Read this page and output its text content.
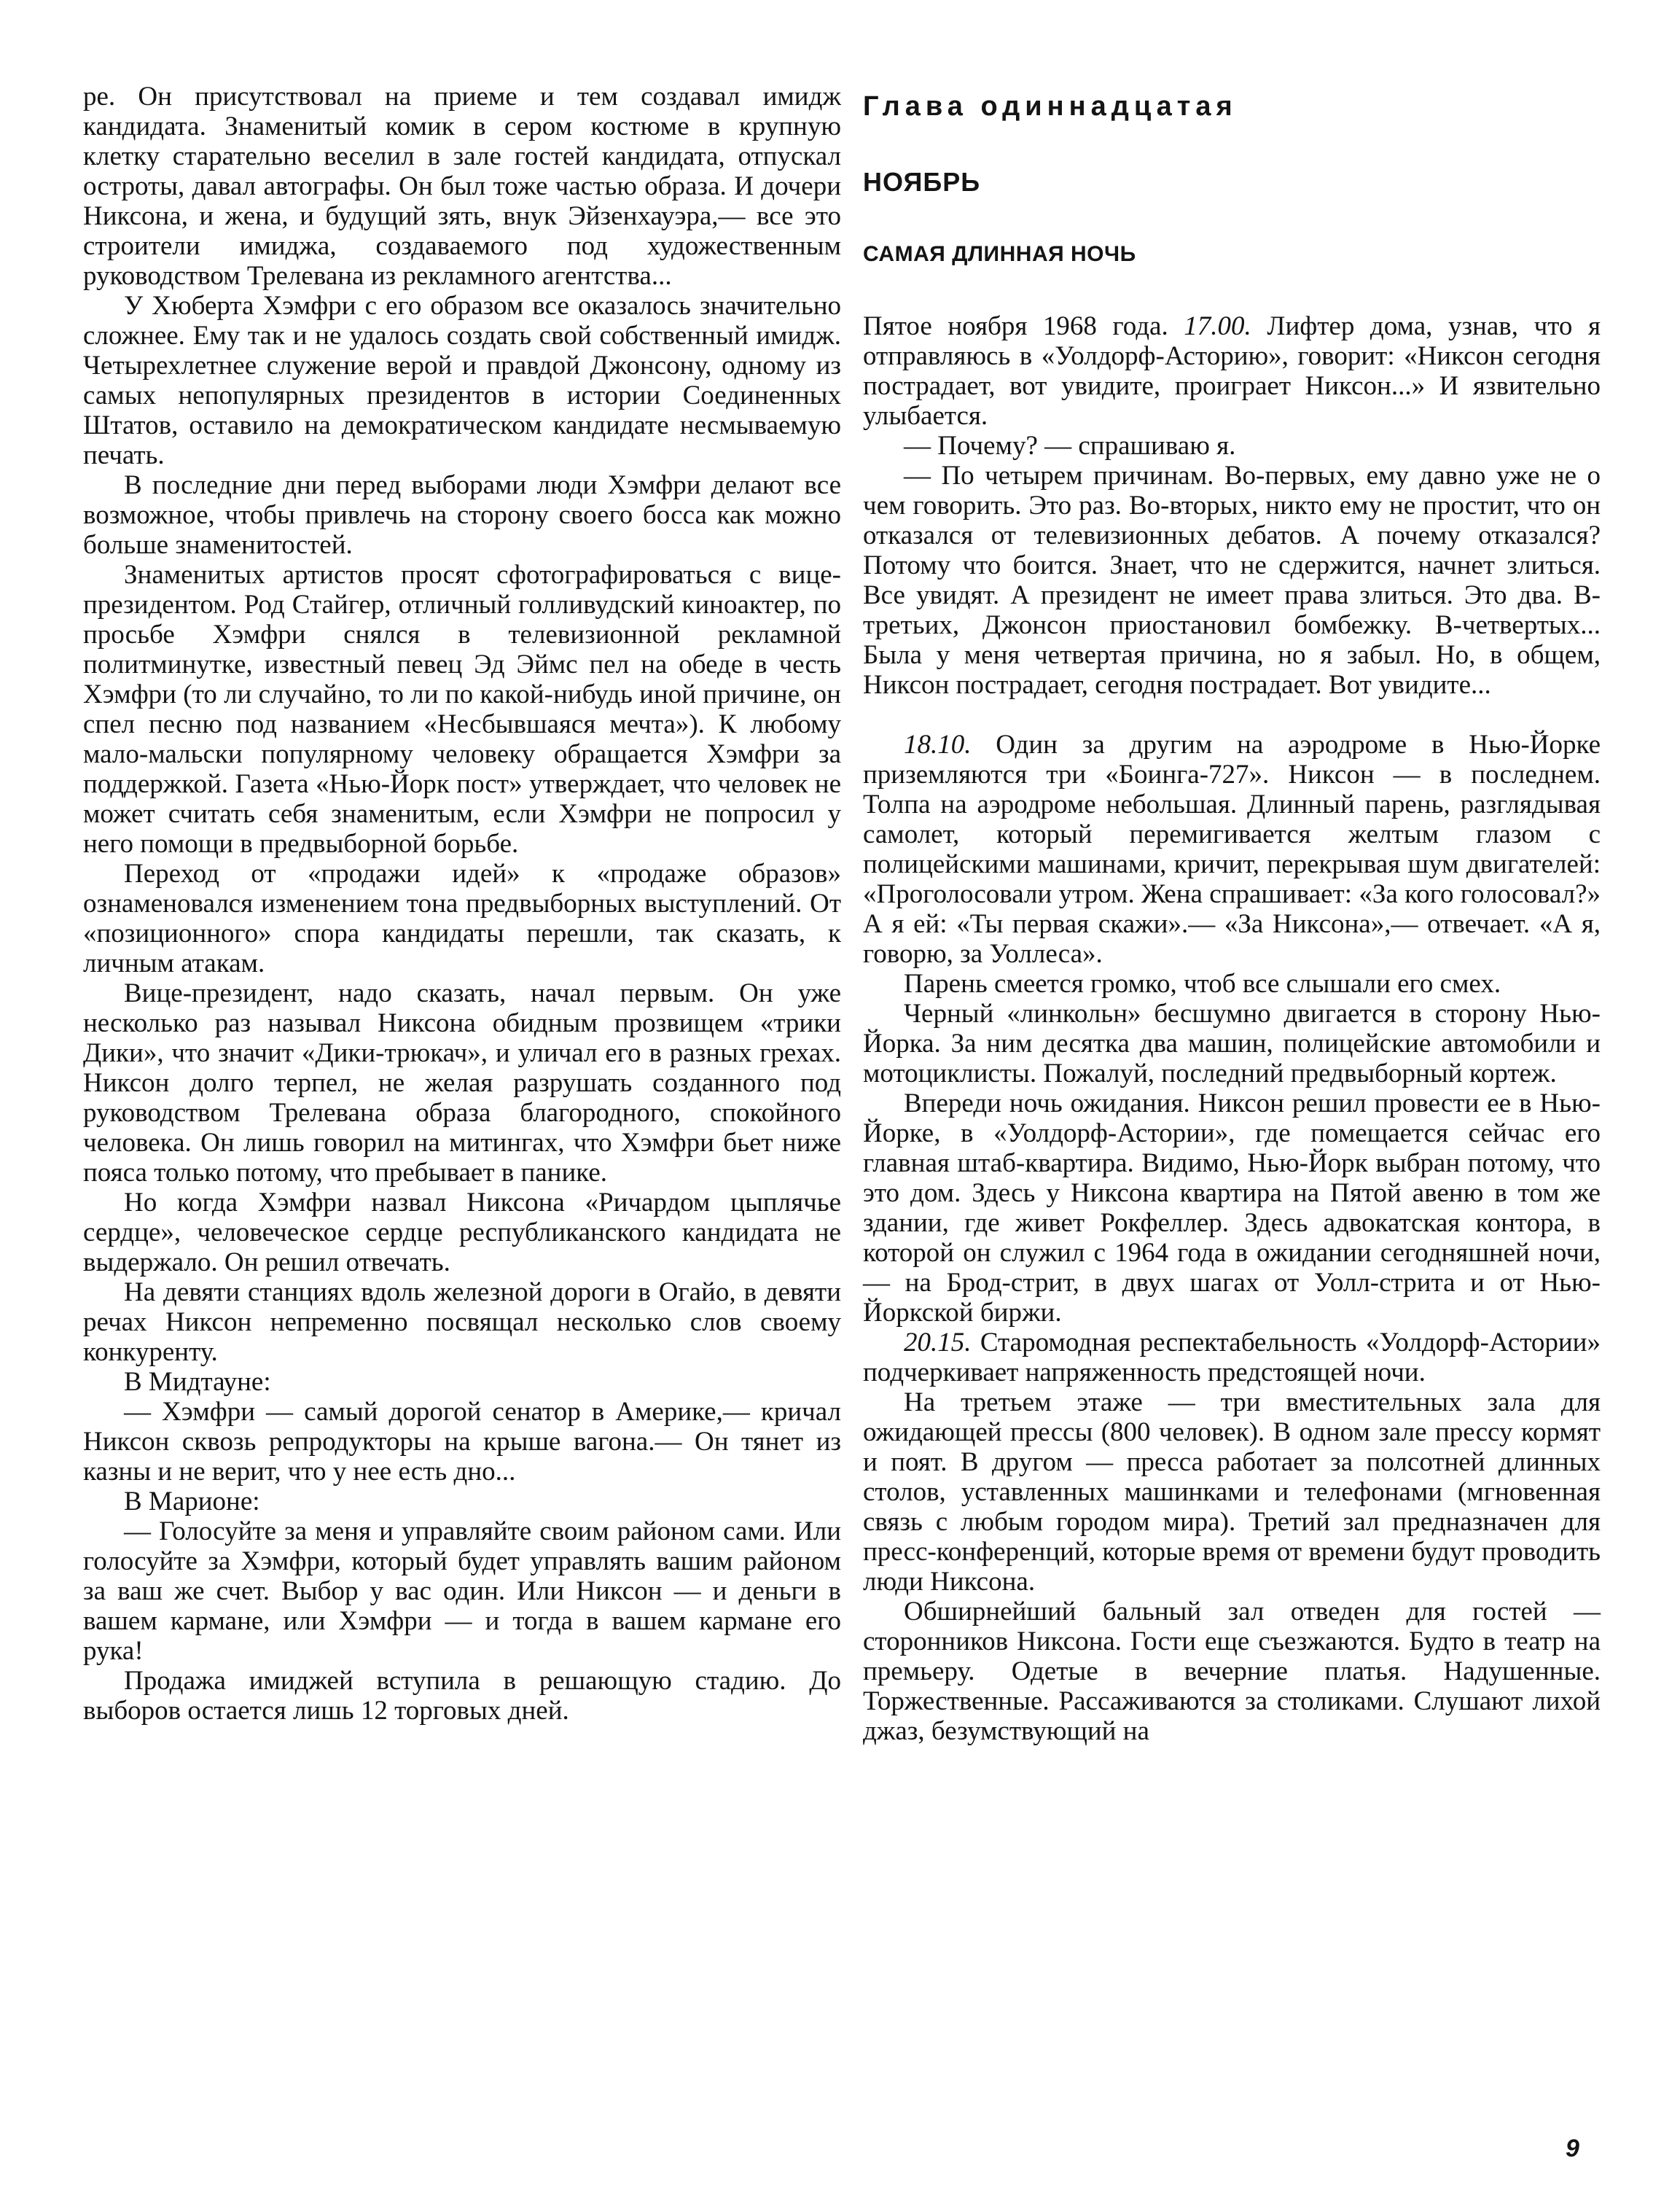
ре. Он присутствовал на приеме и тем создавал имидж кандидата. Знаменитый комик в сером костюме в крупную клетку старательно веселил в зале гостей кандидата, отпускал остроты, давал автографы. Он был тоже частью образа. И дочери Никсона, и жена, и будущий зять, внук Эйзенхауэра,— все это строители имиджа, создаваемого под художественным руководством Трелевана из рекламного агентства...

У Хюберта Хэмфри с его образом все оказалось значительно сложнее. Ему так и не удалось создать свой собственный имидж. Четырехлетнее служение верой и правдой Джонсону, одному из самых непопулярных президентов в истории Соединенных Штатов, оставило на демократическом кандидате несмываемую печать.

В последние дни перед выборами люди Хэмфри делают все возможное, чтобы привлечь на сторону своего босса как можно больше знаменитостей.

Знаменитых артистов просят сфотографироваться с вице-президентом. Род Стайгер, отличный голливудский киноактер, по просьбе Хэмфри снялся в телевизионной рекламной политминутке, известный певец Эд Эймс пел на обеде в честь Хэмфри (то ли случайно, то ли по какой-нибудь иной причине, он спел песню под названием «Несбывшаяся мечта»). К любому мало-мальски популярному человеку обращается Хэмфри за поддержкой. Газета «Нью-Йорк пост» утверждает, что человек не может считать себя знаменитым, если Хэмфри не попросил у него помощи в предвыборной борьбе.

Переход от «продажи идей» к «продаже образов» ознаменовался изменением тона предвыборных выступлений. От «позиционного» спора кандидаты перешли, так сказать, к личным атакам.

Вице-президент, надо сказать, начал первым. Он уже несколько раз называл Никсона обидным прозвищем «трики Дики», что значит «Дики-трюкач», и уличал его в разных грехах. Никсон долго терпел, не желая разрушать созданного под руководством Трелевана образа благородного, спокойного человека. Он лишь говорил на митингах, что Хэмфри бьет ниже пояса только потому, что пребывает в панике.

Но когда Хэмфри назвал Никсона «Ричардом цыплячье сердце», человеческое сердце республиканского кандидата не выдержало. Он решил отвечать.

На девяти станциях вдоль железной дороги в Огайо, в девяти речах Никсон непременно посвящал несколько слов своему конкуренту.

В Мидтауне:

— Хэмфри — самый дорогой сенатор в Америке,— кричал Никсон сквозь репродукторы на крыше вагона.— Он тянет из казны и не верит, что у нее есть дно...

В Марионе:

— Голосуйте за меня и управляйте своим районом сами. Или голосуйте за Хэмфри, который будет управлять вашим районом за ваш же счет. Выбор у вас один. Или Никсон — и деньги в вашем кармане, или Хэмфри — и тогда в вашем кармане его рука!

Продажа имиджей вступила в решающую стадию. До выборов остается лишь 12 торговых дней.

Глава одиннадцатая
НОЯБРЬ
САМАЯ ДЛИННАЯ НОЧЬ

Пятое ноября 1968 года. 17.00. Лифтер дома, узнав, что я отправляюсь в «Уолдорф-Асторию», говорит: «Никсон сегодня пострадает, вот увидите, проиграет Никсон...» И язвительно улыбается.

— Почему? — спрашиваю я.

— По четырем причинам. Во-первых, ему давно уже не о чем говорить. Это раз. Во-вторых, никто ему не простит, что он отказался от телевизионных дебатов. А почему отказался? Потому что боится. Знает, что не сдержится, начнет злиться. Все увидят. А президент не имеет права злиться. Это два. В-третьих, Джонсон приостановил бомбежку. В-четвертых... Была у меня четвертая причина, но я забыл. Но, в общем, Никсон пострадает, сегодня пострадает. Вот увидите...

18.10. Один за другим на аэродроме в Нью-Йорке приземляются три «Боинга-727». Никсон — в последнем. Толпа на аэродроме небольшая. Длинный парень, разглядывая самолет, который перемигивается желтым глазом с полицейскими машинами, кричит, перекрывая шум двигателей: «Проголосовали утром. Жена спрашивает: «За кого голосовал?» А я ей: «Ты первая скажи».— «За Никсона»,— отвечает. «А я, говорю, за Уоллеса».

Парень смеется громко, чтоб все слышали его смех.

Черный «линкольн» бесшумно двигается в сторону Нью-Йорка. За ним десятка два машин, полицейские автомобили и мотоциклисты. Пожалуй, последний предвыборный кортеж.

Впереди ночь ожидания. Никсон решил провести ее в Нью-Йорке, в «Уолдорф-Астории», где помещается сейчас его главная штаб-квартира. Видимо, Нью-Йорк выбран потому, что это дом. Здесь у Никсона квартира на Пятой авеню в том же здании, где живет Рокфеллер. Здесь адвокатская контора, в которой он служил с 1964 года в ожидании сегодняшней ночи,— на Брод-стрит, в двух шагах от Уолл-стрита и от Нью-Йоркской биржи.

20.15. Старомодная респектабельность «Уолдорф-Астории» подчеркивает напряженность предстоящей ночи.

На третьем этаже — три вместительных зала для ожидающей прессы (800 человек). В одном зале прессу кормят и поят. В другом — пресса работает за полсотней длинных столов, уставленных машинками и телефонами (мгновенная связь с любым городом мира). Третий зал предназначен для пресс-конференций, которые время от времени будут проводить люди Никсона.

Обширнейший бальный зал отведен для гостей — сторонников Никсона. Гости еще съезжаются. Будто в театр на премьеру. Одетые в вечерние платья. Надушенные. Торжественные. Рассаживаются за столиками. Слушают лихой джаз, безумствующий на

9
